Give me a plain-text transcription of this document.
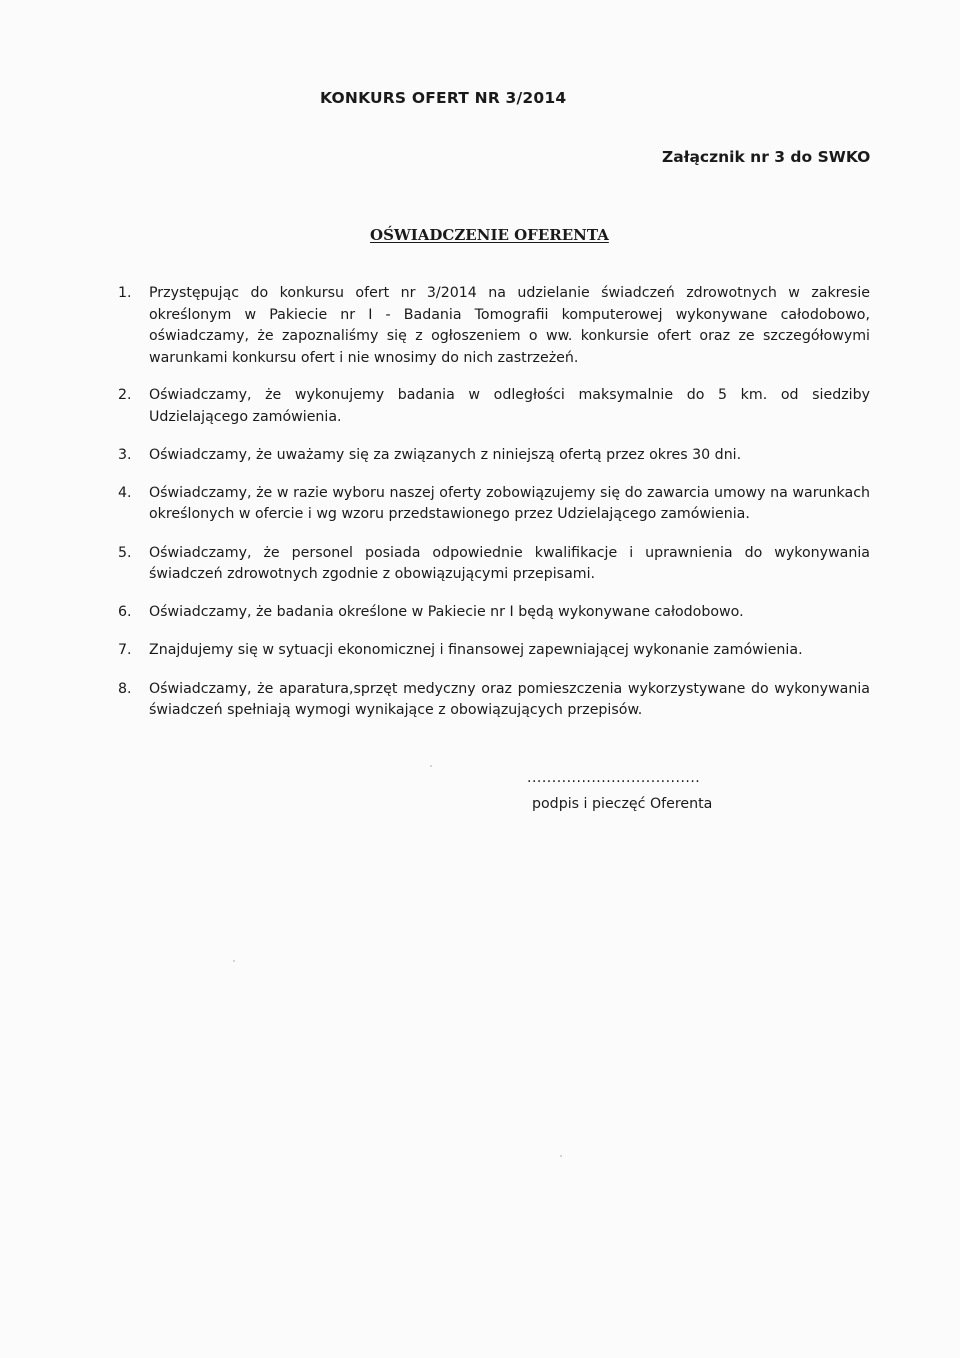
KONKURS OFERT NR 3/2014
Załącznik nr 3 do SWKO
OŚWIADCZENIE OFERENTA
1.	Przystępując do konkursu ofert nr 3/2014 na udzielanie świadczeń zdrowotnych w zakresie określonym w Pakiecie nr I - Badania Tomografii komputerowej wykonywane całodobowo, oświadczamy, że zapoznaliśmy się z ogłoszeniem o ww. konkursie ofert oraz ze szczegółowymi warunkami konkursu ofert i nie wnosimy do nich zastrzeżeń.
2.	Oświadczamy, że wykonujemy badania w odległości maksymalnie do 5 km. od siedziby Udzielającego zamówienia.
3.	Oświadczamy, że uważamy się za związanych z niniejszą ofertą przez okres 30 dni.
4.	Oświadczamy, że w razie wyboru naszej oferty zobowiązujemy się do zawarcia umowy na warunkach określonych w ofercie i wg wzoru przedstawionego przez Udzielającego zamówienia.
5.	Oświadczamy, że personel posiada odpowiednie kwalifikacje i uprawnienia do wykonywania świadczeń zdrowotnych zgodnie z obowiązującymi przepisami.
6.	Oświadczamy, że badania określone w Pakiecie nr I będą wykonywane całodobowo.
7.	Znajdujemy się w sytuacji ekonomicznej i finansowej zapewniającej wykonanie zamówienia.
8.	Oświadczamy, że aparatura,sprzęt medyczny oraz pomieszczenia wykorzystywane do wykonywania świadczeń spełniają wymogi wynikające z obowiązujących przepisów.
...................................
podpis i pieczęć Oferenta
